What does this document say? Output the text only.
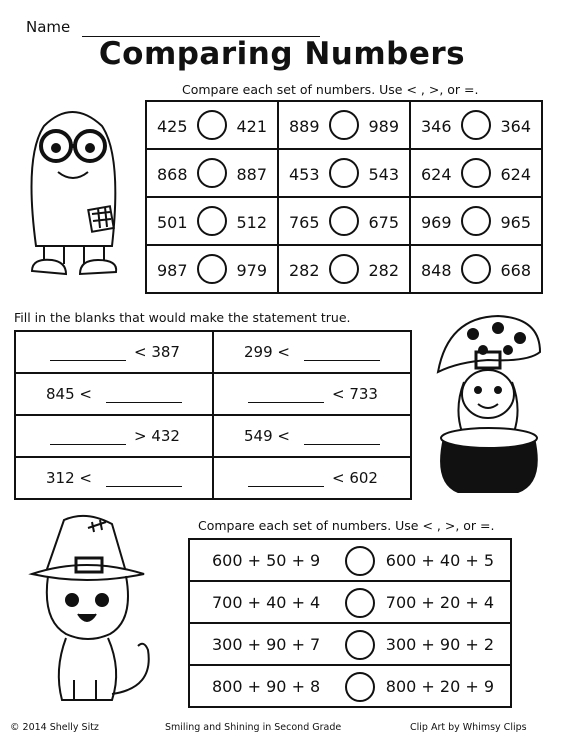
Name
Comparing Numbers
Compare each set of numbers. Use < , >, or =.
425 421	889 989	346 364

868 887	453 543	624 624

501 512	765 675	969 965

987 979	282 282	848 668
Fill in the blanks that would make the statement true.
< 387	299 <

845 <	< 733

> 432	549 <

312 <	< 602
Compare each set of numbers. Use < , >, or =.
600 + 50 + 9	600 + 40 + 5

700 + 40 + 4	700 + 20 + 4

300 + 90 + 7	300 + 90 + 2

800 + 90 + 8	800 + 20 + 9
© 2014 Shelly Sitz	Smiling and Shining in Second Grade	Clip Art by Whimsy Clips
